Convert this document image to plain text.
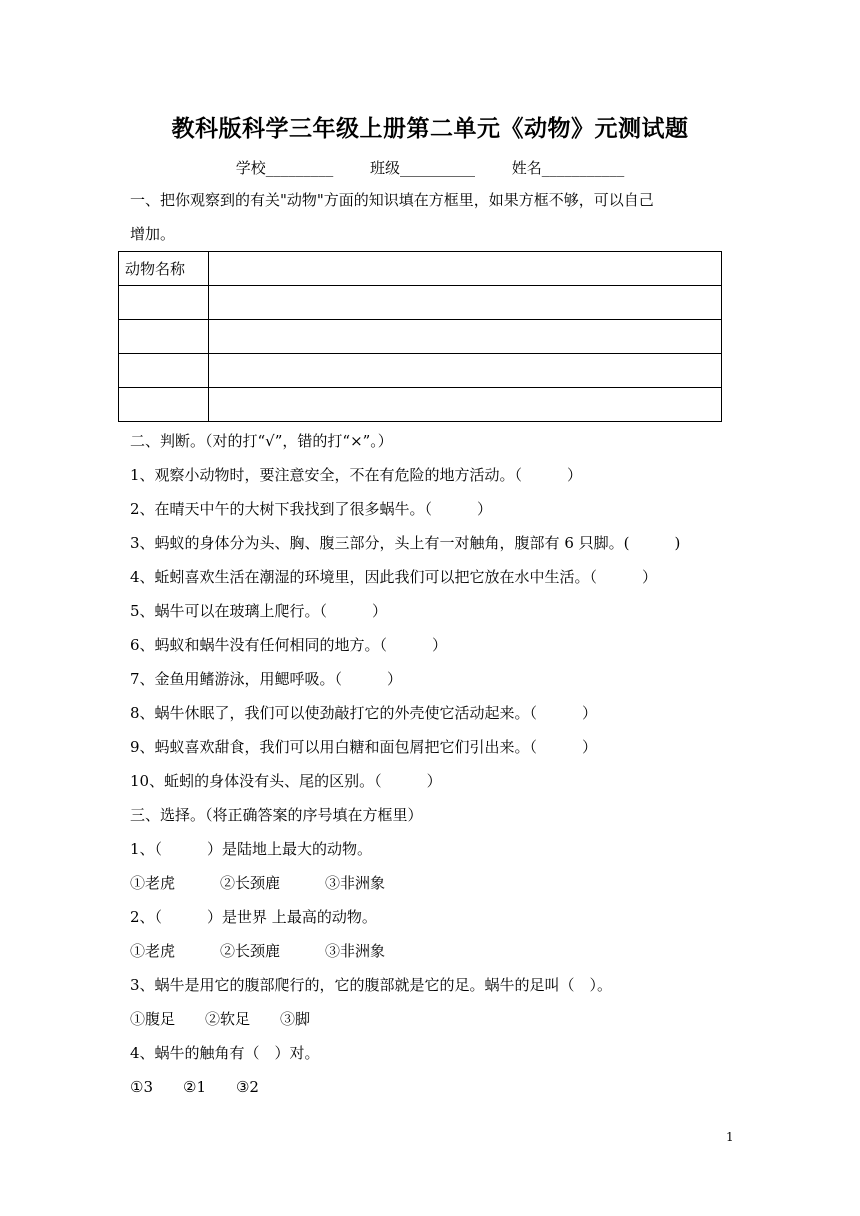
教科版科学三年级上册第二单元《动物》元测试题
学校_________ 班级__________ 姓名___________
一、把你观察到的有关"动物"方面的知识填在方框里，如果方框不够，可以自己
增加。
动物名称	

二、判断。（对的打“√”，错的打“×”。）
1、观察小动物时，要注意安全，不在有危险的地方活动。（　　　）
2、在晴天中午的大树下我找到了很多蜗牛。（　　　）
3、蚂蚁的身体分为头、胸、腹三部分，头上有一对触角，腹部有 6 只脚。(　　　)
4、蚯蚓喜欢生活在潮湿的环境里，因此我们可以把它放在水中生活。（　　　）
5、蜗牛可以在玻璃上爬行。（　　　）
6、蚂蚁和蜗牛没有任何相同的地方。（　　　）
7、金鱼用鳍游泳，用鳃呼吸。（　　　）
8、蜗牛休眠了，我们可以使劲敲打它的外壳使它活动起来。（　　　）
9、蚂蚁喜欢甜食，我们可以用白糖和面包屑把它们引出来。（　　　）
10、蚯蚓的身体没有头、尾的区别。（　　　）
三、选择。（将正确答案的序号填在方框里）
1、（　　　）是陆地上最大的动物。
①老虎　　　②长颈鹿　　　③非洲象
2、（　　　）是世界 上最高的动物。
①老虎　　　②长颈鹿　　　③非洲象
3、蜗牛是用它的腹部爬行的，它的腹部就是它的足。蜗牛的足叫（　）。
①腹足　　②软足　　③脚
4、蜗牛的触角有（　）对。
①3　　②1　　③2
1
